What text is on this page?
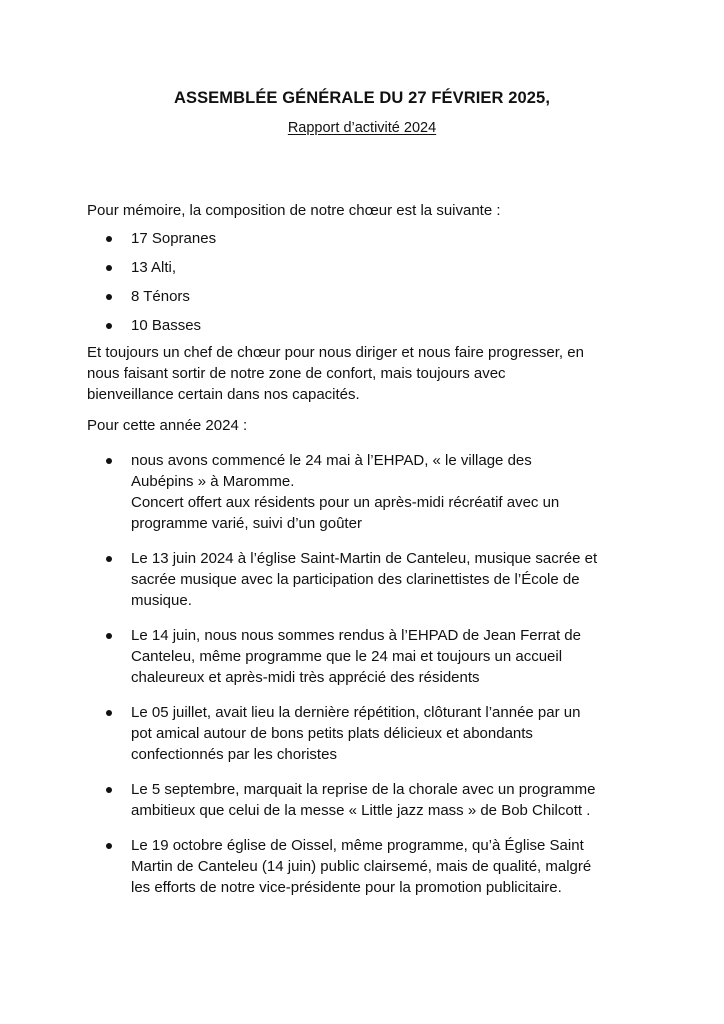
ASSEMBLÉE GÉNÉRALE DU 27 FÉVRIER 2025,
Rapport d’activité 2024

Pour mémoire, la composition de notre chœur est la suivante :

17 Sopranes
13 Alti,
8 Ténors
10 Basses

Et toujours un chef de chœur pour nous diriger et nous faire progresser, en
nous faisant sortir de notre zone de confort, mais toujours avec
bienveillance certain dans nos capacités.

Pour cette année 2024 :

nous avons commencé le 24 mai à l’EHPAD, « le village des
Aubépins » à Maromme.
Concert offert aux résidents pour un après-midi récréatif avec un
programme varié, suivi d’un goûter
Le 13 juin 2024 à l’église Saint-Martin de Canteleu, musique sacrée et
sacrée musique avec la participation des clarinettistes de l’École de
musique.
Le 14 juin, nous nous sommes rendus à l’EHPAD de Jean Ferrat de
Canteleu, même programme que le 24 mai et toujours un accueil
chaleureux et après-midi très apprécié des résidents
Le 05 juillet, avait lieu la dernière répétition, clôturant l’année par un
pot amical autour de bons petits plats délicieux et abondants
confectionnés par les choristes
Le 5 septembre, marquait la reprise de la chorale avec un programme
ambitieux que celui de la messe « Little jazz mass » de Bob Chilcott .
Le 19 octobre église de Oissel, même programme, qu’à Église Saint
Martin de Canteleu (14 juin) public clairsemé, mais de qualité, malgré
les efforts de notre vice-présidente pour la promotion publicitaire.
